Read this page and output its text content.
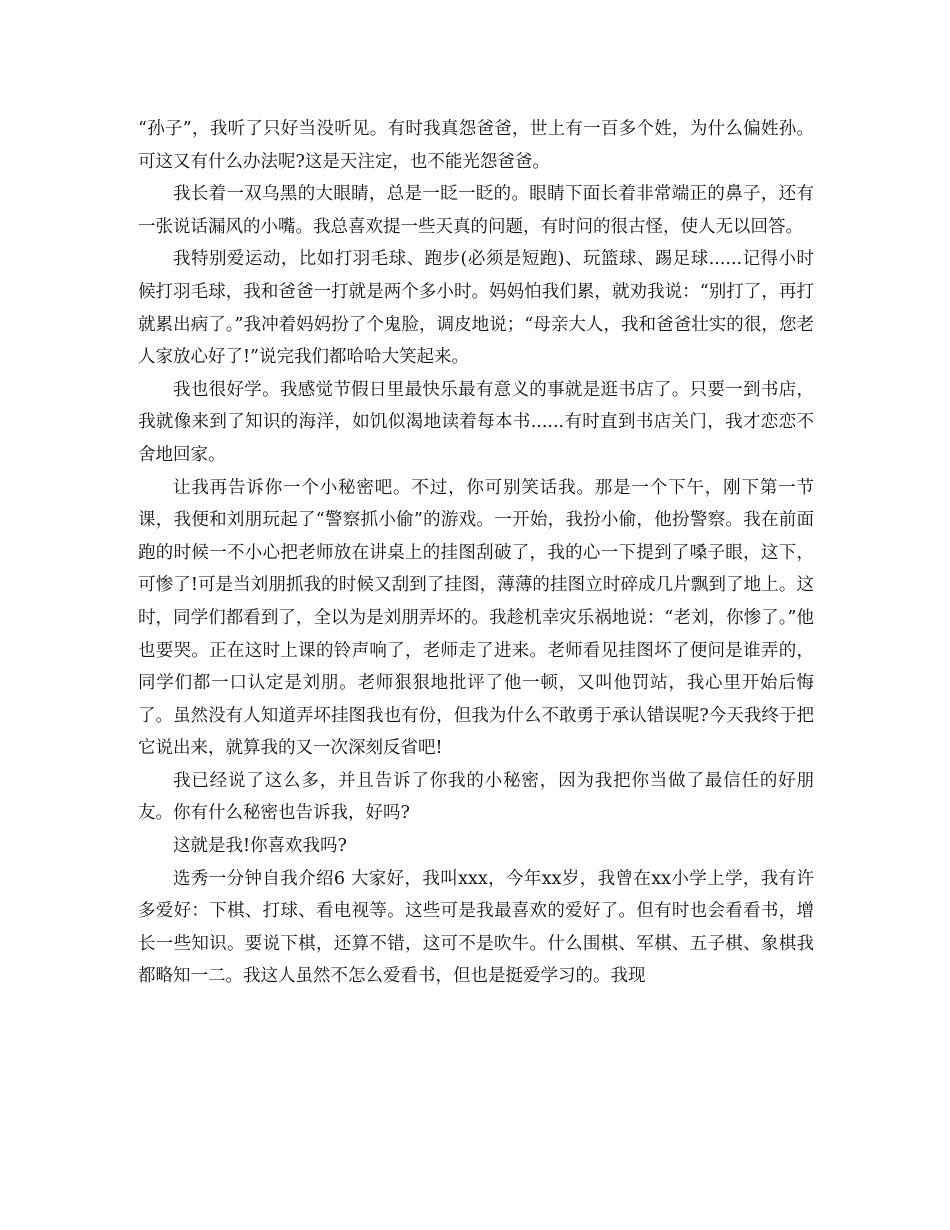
“孙子”，我听了只好当没听见。有时我真怨爸爸，世上有一百多个姓，为什么偏姓孙。可这又有什么办法呢?这是天注定，也不能光怨爸爸。

我长着一双乌黑的大眼睛，总是一眨一眨的。眼睛下面长着非常端正的鼻子，还有一张说话漏风的小嘴。我总喜欢提一些天真的问题，有时问的很古怪，使人无以回答。

我特别爱运动，比如打羽毛球、跑步(必须是短跑)、玩篮球、踢足球......记得小时候打羽毛球，我和爸爸一打就是两个多小时。妈妈怕我们累，就劝我说：“别打了，再打就累出病了。”我冲着妈妈扮了个鬼脸，调皮地说；“母亲大人，我和爸爸壮实的很，您老人家放心好了!”说完我们都哈哈大笑起来。

我也很好学。我感觉节假日里最快乐最有意义的事就是逛书店了。只要一到书店，我就像来到了知识的海洋，如饥似渴地读着每本书......有时直到书店关门，我才恋恋不舍地回家。

让我再告诉你一个小秘密吧。不过，你可别笑话我。那是一个下午，刚下第一节课，我便和刘朋玩起了“警察抓小偷”的游戏。一开始，我扮小偷，他扮警察。我在前面跑的时候一不小心把老师放在讲桌上的挂图刮破了，我的心一下提到了嗓子眼，这下，可惨了!可是当刘朋抓我的时候又刮到了挂图，薄薄的挂图立时碎成几片飘到了地上。这时，同学们都看到了，全以为是刘朋弄坏的。我趁机幸灾乐祸地说：“老刘，你惨了。”他也要哭。正在这时上课的铃声响了，老师走了进来。老师看见挂图坏了便问是谁弄的，同学们都一口认定是刘朋。老师狠狠地批评了他一顿，又叫他罚站，我心里开始后悔了。虽然没有人知道弄坏挂图我也有份，但我为什么不敢勇于承认错误呢?今天我终于把它说出来，就算我的又一次深刻反省吧!

我已经说了这么多，并且告诉了你我的小秘密，因为我把你当做了最信任的好朋友。你有什么秘密也告诉我，好吗?

这就是我!你喜欢我吗?

选秀一分钟自我介绍6 大家好，我叫xxx，今年xx岁，我曾在xx小学上学，我有许多爱好：下棋、打球、看电视等。这些可是我最喜欢的爱好了。但有时也会看看书，增长一些知识。要说下棋，还算不错，这可不是吹牛。什么围棋、军棋、五子棋、象棋我都略知一二。我这人虽然不怎么爱看书，但也是挺爱学习的。我现
